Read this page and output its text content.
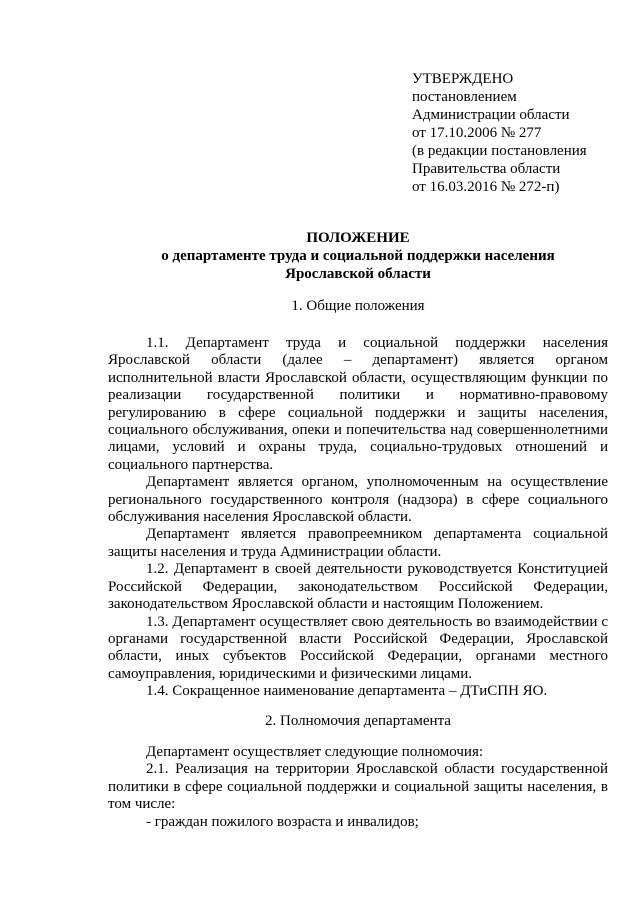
УТВЕРЖДЕНО
постановлением
Администрации области
от 17.10.2006 № 277
(в редакции постановления
Правительства области
от 16.03.2016 № 272-п)
ПОЛОЖЕНИЕ
о департаменте труда и социальной поддержки населения
Ярославской области
1. Общие положения

1.1. Департамент труда и социальной поддержки населения Ярославской области (далее – департамент) является органом исполнительной власти Ярославской области, осуществляющим функции по реализации государственной политики и нормативно-правовому регулированию в сфере социальной поддержки и защиты населения, социального обслуживания, опеки и попечительства над совершеннолетними лицами, условий и охраны труда, социально-трудовых отношений и социального партнерства.

Департамент является органом, уполномоченным на осуществление регионального государственного контроля (надзора) в сфере социального обслуживания населения Ярославской области.

Департамент является правопреемником департамента социальной защиты населения и труда Администрации области.

1.2. Департамент в своей деятельности руководствуется Конституцией Российской Федерации, законодательством Российской Федерации, законодательством Ярославской области и настоящим Положением.

1.3. Департамент осуществляет свою деятельность во взаимодействии с органами государственной власти Российской Федерации, Ярославской области, иных субъектов Российской Федерации, органами местного самоуправления, юридическими и физическими лицами.

1.4. Сокращенное наименование департамента – ДТиСПН ЯО.

2. Полномочия департамента

Департамент осуществляет следующие полномочия:

2.1. Реализация на территории Ярославской области государственной политики в сфере социальной поддержки и социальной защиты населения, в том числе:

- граждан пожилого возраста и инвалидов;
